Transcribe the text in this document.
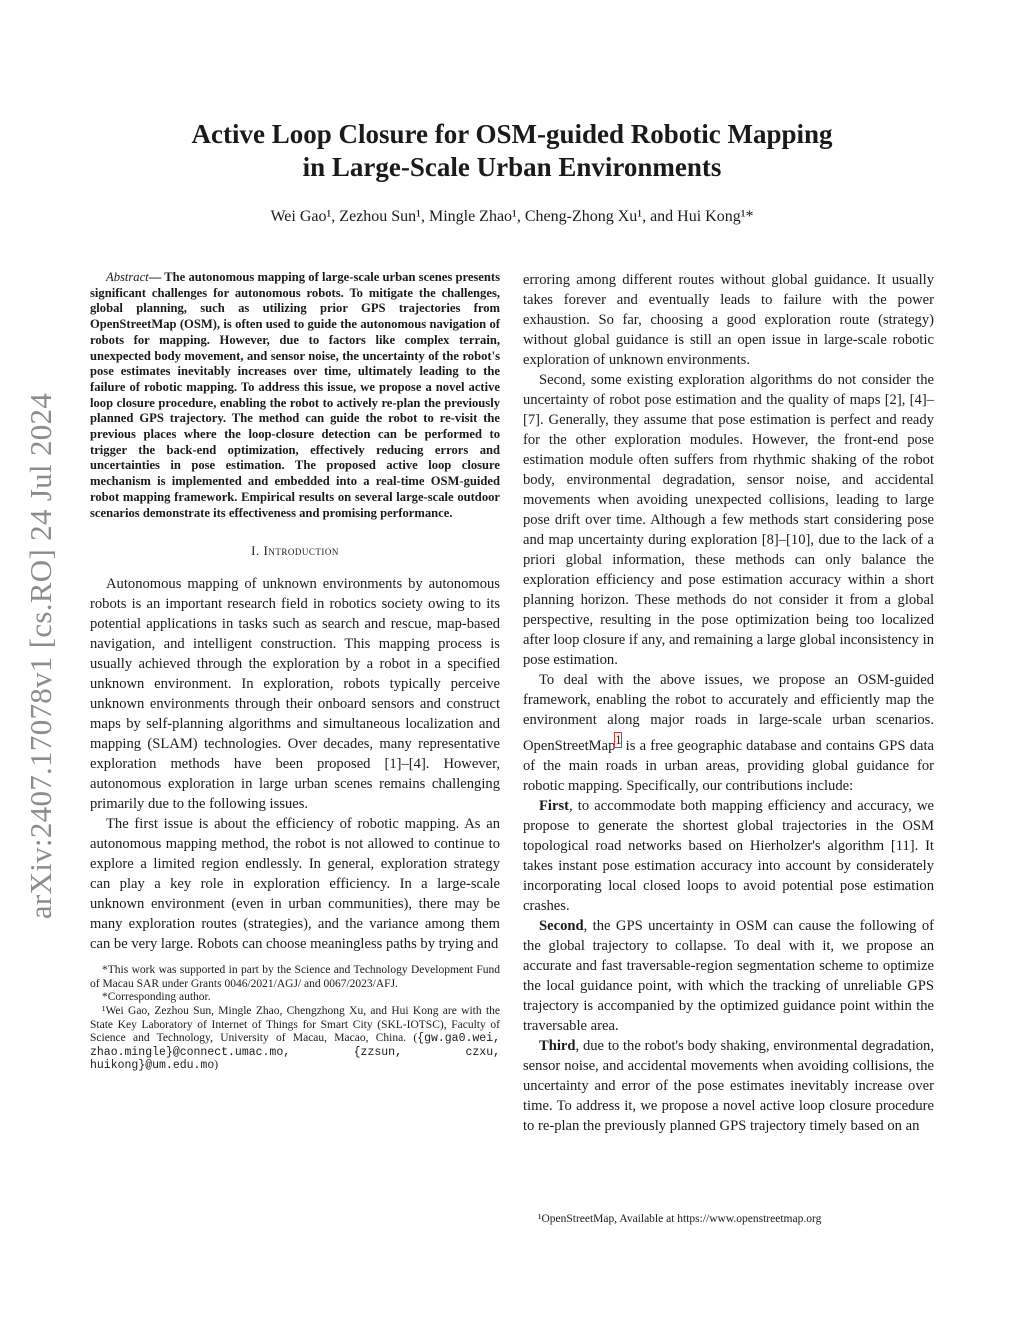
arXiv:2407.17078v1 [cs.RO] 24 Jul 2024
Active Loop Closure for OSM-guided Robotic Mapping
in Large-Scale Urban Environments
Wei Gao¹, Zezhou Sun¹, Mingle Zhao¹, Cheng-Zhong Xu¹, and Hui Kong¹*

Abstract— The autonomous mapping of large-scale urban scenes presents significant challenges for autonomous robots. To mitigate the challenges, global planning, such as utilizing prior GPS trajectories from OpenStreetMap (OSM), is often used to guide the autonomous navigation of robots for mapping. However, due to factors like complex terrain, unexpected body movement, and sensor noise, the uncertainty of the robot's pose estimates inevitably increases over time, ultimately leading to the failure of robotic mapping. To address this issue, we propose a novel active loop closure procedure, enabling the robot to actively re-plan the previously planned GPS trajectory. The method can guide the robot to re-visit the previous places where the loop-closure detection can be performed to trigger the back-end optimization, effectively reducing errors and uncertainties in pose estimation. The proposed active loop closure mechanism is implemented and embedded into a real-time OSM-guided robot mapping framework. Empirical results on several large-scale outdoor scenarios demonstrate its effectiveness and promising performance.

I. Introduction

Autonomous mapping of unknown environments by autonomous robots is an important research field in robotics society owing to its potential applications in tasks such as search and rescue, map-based navigation, and intelligent construction. This mapping process is usually achieved through the exploration by a robot in a specified unknown environment. In exploration, robots typically perceive unknown environments through their onboard sensors and construct maps by self-planning algorithms and simultaneous localization and mapping (SLAM) technologies. Over decades, many representative exploration methods have been proposed [1]–[4]. However, autonomous exploration in large urban scenes remains challenging primarily due to the following issues.

The first issue is about the efficiency of robotic mapping. As an autonomous mapping method, the robot is not allowed to continue to explore a limited region endlessly. In general, exploration strategy can play a key role in exploration efficiency. In a large-scale unknown environment (even in urban communities), there may be many exploration routes (strategies), and the variance among them can be very large. Robots can choose meaningless paths by trying and

*This work was supported in part by the Science and Technology Development Fund of Macau SAR under Grants 0046/2021/AGJ/ and 0067/2023/AFJ.

*Corresponding author.

¹Wei Gao, Zezhou Sun, Mingle Zhao, Chengzhong Xu, and Hui Kong are with the State Key Laboratory of Internet of Things for Smart City (SKL-IOTSC), Faculty of Science and Technology, University of Macau, Macao, China. ({gw.ga0.wei, zhao.mingle}@connect.umac.mo, {zzsun, czxu, huikong}@um.edu.mo)

erroring among different routes without global guidance. It usually takes forever and eventually leads to failure with the power exhaustion. So far, choosing a good exploration route (strategy) without global guidance is still an open issue in large-scale robotic exploration of unknown environments.

Second, some existing exploration algorithms do not consider the uncertainty of robot pose estimation and the quality of maps [2], [4]–[7]. Generally, they assume that pose estimation is perfect and ready for the other exploration modules. However, the front-end pose estimation module often suffers from rhythmic shaking of the robot body, environmental degradation, sensor noise, and accidental movements when avoiding unexpected collisions, leading to large pose drift over time. Although a few methods start considering pose and map uncertainty during exploration [8]–[10], due to the lack of a priori global information, these methods can only balance the exploration efficiency and pose estimation accuracy within a short planning horizon. These methods do not consider it from a global perspective, resulting in the pose optimization being too localized after loop closure if any, and remaining a large global inconsistency in pose estimation.

To deal with the above issues, we propose an OSM-guided framework, enabling the robot to accurately and efficiently map the environment along major roads in large-scale urban scenarios. OpenStreetMap$^1$ is a free geographic database and contains GPS data of the main roads in urban areas, providing global guidance for robotic mapping. Specifically, our contributions include:

First, to accommodate both mapping efficiency and accuracy, we propose to generate the shortest global trajectories in the OSM topological road networks based on Hierholzer's algorithm [11]. It takes instant pose estimation accuracy into account by considerately incorporating local closed loops to avoid potential pose estimation crashes.

Second, the GPS uncertainty in OSM can cause the following of the global trajectory to collapse. To deal with it, we propose an accurate and fast traversable-region segmentation scheme to optimize the local guidance point, with which the tracking of unreliable GPS trajectory is accompanied by the optimized guidance point within the traversable area.

Third, due to the robot's body shaking, environmental degradation, sensor noise, and accidental movements when avoiding collisions, the uncertainty and error of the pose estimates inevitably increase over time. To address it, we propose a novel active loop closure procedure to re-plan the previously planned GPS trajectory timely based on an

¹OpenStreetMap, Available at https://www.openstreetmap.org
